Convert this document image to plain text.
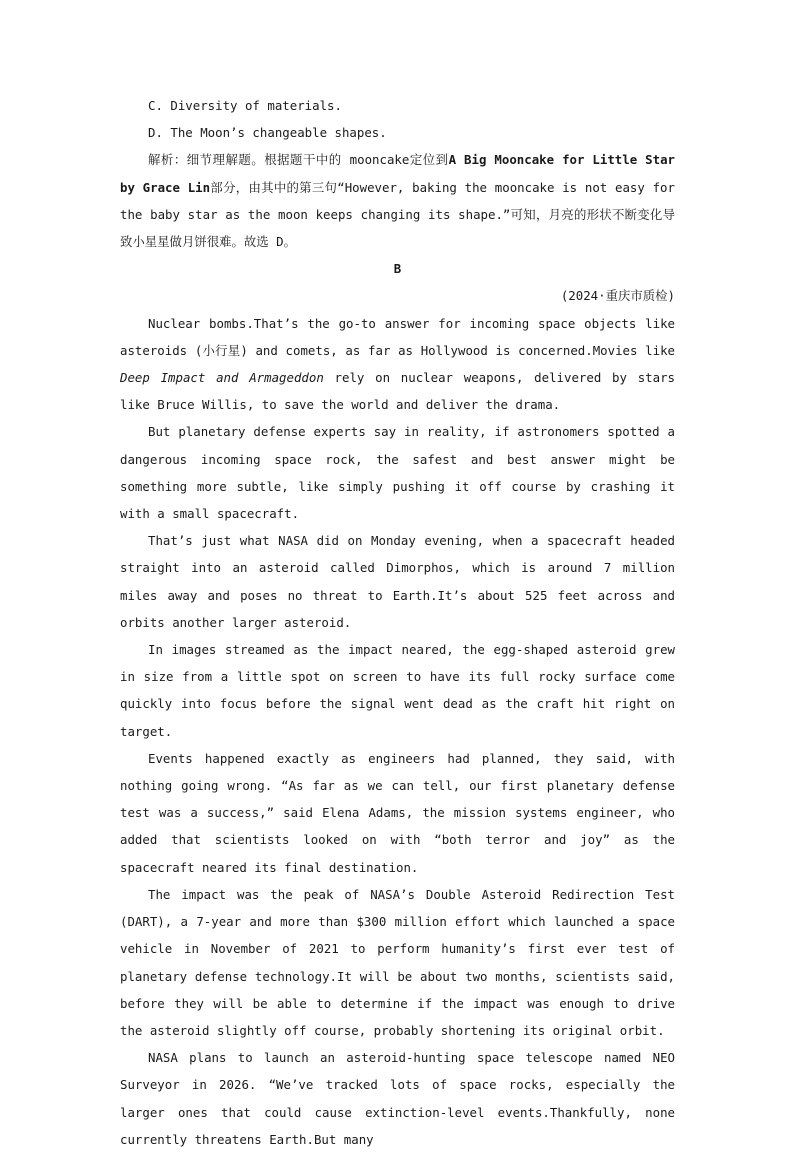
C. Diversity of materials.

D. The Moon’s changeable shapes.

解析：细节理解题。根据题干中的 mooncake定位到A Big Mooncake for Little Star by Grace Lin部分，由其中的第三句“However, baking the mooncake is not easy for the baby star as the moon keeps changing its shape.”可知，月亮的形状不断变化导致小星星做月饼很难。故选 D。

B

(2024·重庆市质检)

Nuclear bombs.That’s the go-to answer for incoming space objects like asteroids (小行星) and comets, as far as Hollywood is concerned.Movies like Deep Impact and Armageddon rely on nuclear weapons, delivered by stars like Bruce Willis, to save the world and deliver the drama.

But planetary defense experts say in reality, if astronomers spotted a dangerous incoming space rock, the safest and best answer might be something more subtle, like simply pushing it off course by crashing it with a small spacecraft.

That’s just what NASA did on Monday evening, when a spacecraft headed straight into an asteroid called Dimorphos, which is around 7 million miles away and poses no threat to Earth.It’s about 525 feet across and orbits another larger asteroid.

In images streamed as the impact neared, the egg-shaped asteroid grew in size from a little spot on screen to have its full rocky surface come quickly into focus before the signal went dead as the craft hit right on target.

Events happened exactly as engineers had planned, they said, with nothing going wrong. “As far as we can tell, our first planetary defense test was a success,” said Elena Adams, the mission systems engineer, who added that scientists looked on with “both terror and joy” as the spacecraft neared its final destination.

The impact was the peak of NASA’s Double Asteroid Redirection Test (DART), a 7-year and more than $300 million effort which launched a space vehicle in November of 2021 to perform humanity’s first ever test of planetary defense technology.It will be about two months, scientists said, before they will be able to determine if the impact was enough to drive the asteroid slightly off course, probably shortening its original orbit.

NASA plans to launch an asteroid-hunting space telescope named NEO Surveyor in 2026. “We’ve tracked lots of space rocks, especially the larger ones that could cause extinction-level events.Thankfully, none currently threatens Earth.But many
